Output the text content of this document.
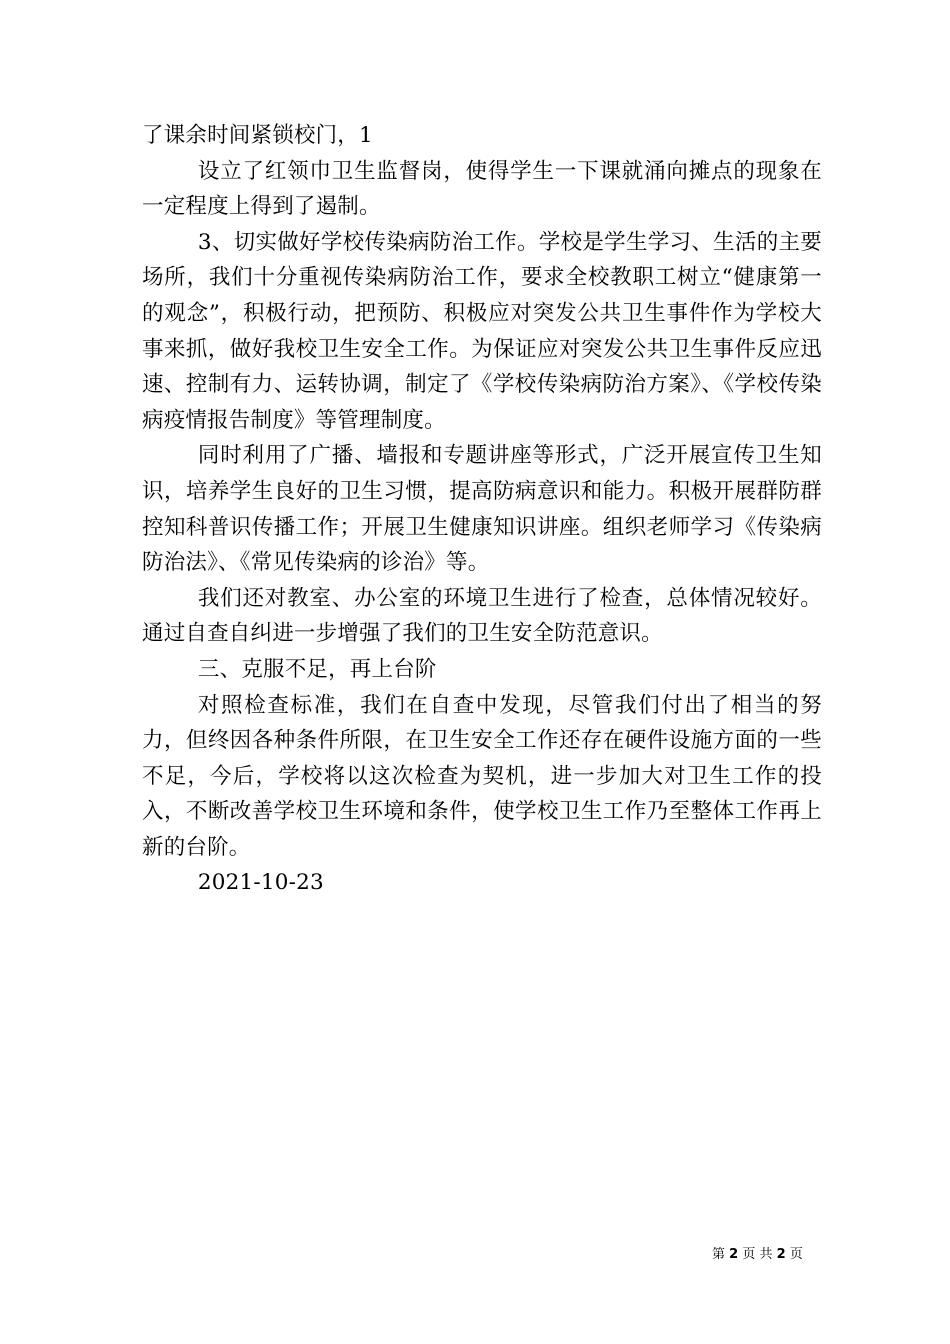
了课余时间紧锁校门，1

设立了红领巾卫生监督岗，使得学生一下课就涌向摊点的现象在一定程度上得到了遏制。

3、切实做好学校传染病防治工作。学校是学生学习、生活的主要场所，我们十分重视传染病防治工作，要求全校教职工树立“健康第一的观念”，积极行动，把预防、积极应对突发公共卫生事件作为学校大事来抓，做好我校卫生安全工作。为保证应对突发公共卫生事件反应迅速、控制有力、运转协调，制定了《学校传染病防治方案》、《学校传染病疫情报告制度》等管理制度。

同时利用了广播、墙报和专题讲座等形式，广泛开展宣传卫生知识，培养学生良好的卫生习惯，提高防病意识和能力。积极开展群防群控知科普识传播工作；开展卫生健康知识讲座。组织老师学习《传染病防治法》、《常见传染病的诊治》等。

我们还对教室、办公室的环境卫生进行了检查，总体情况较好。通过自查自纠进一步增强了我们的卫生安全防范意识。

三、克服不足，再上台阶

对照检查标准，我们在自查中发现，尽管我们付出了相当的努力，但终因各种条件所限，在卫生安全工作还存在硬件设施方面的一些不足，今后，学校将以这次检查为契机，进一步加大对卫生工作的投入，不断改善学校卫生环境和条件，使学校卫生工作乃至整体工作再上新的台阶。

2021-10-23

第 2 页 共 2 页
